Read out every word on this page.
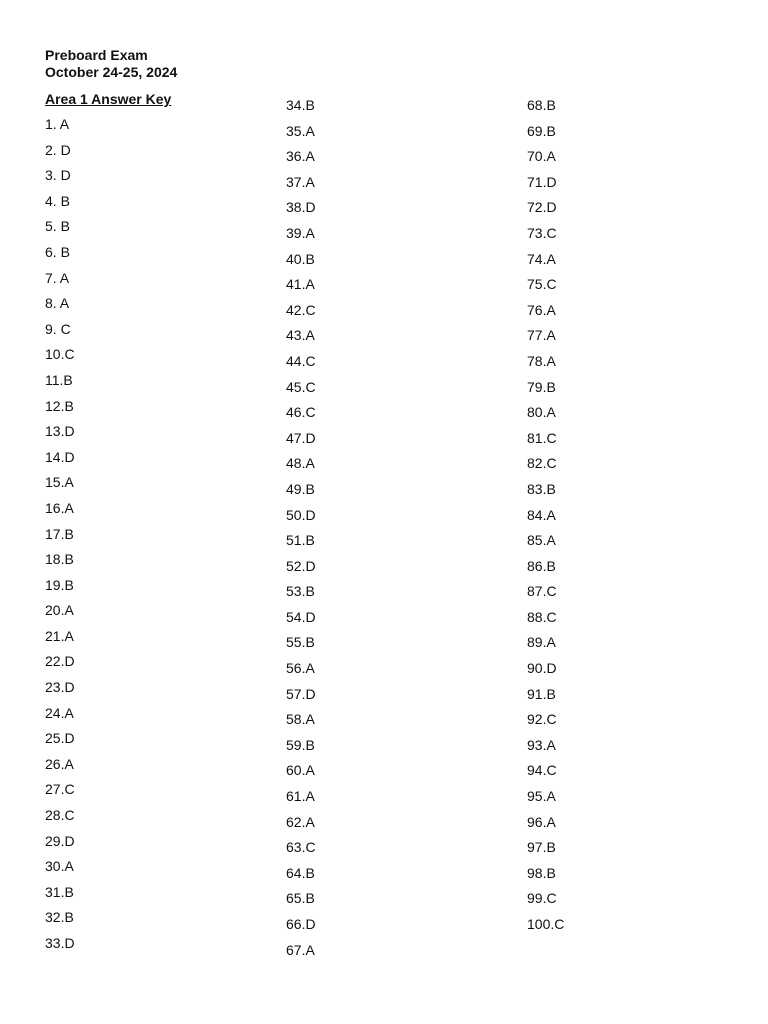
Preboard Exam
October 24-25, 2024
Area 1 Answer Key
1. A
2. D
3. D
4. B
5. B
6. B
7. A
8. A
9. C
10.C
11.B
12.B
13.D
14.D
15.A
16.A
17.B
18.B
19.B
20.A
21.A
22.D
23.D
24.A
25.D
26.A
27.C
28.C
29.D
30.A
31.B
32.B
33.D
34.B
35.A
36.A
37.A
38.D
39.A
40.B
41.A
42.C
43.A
44.C
45.C
46.C
47.D
48.A
49.B
50.D
51.B
52.D
53.B
54.D
55.B
56.A
57.D
58.A
59.B
60.A
61.A
62.A
63.C
64.B
65.B
66.D
67.A
68.B
69.B
70.A
71.D
72.D
73.C
74.A
75.C
76.A
77.A
78.A
79.B
80.A
81.C
82.C
83.B
84.A
85.A
86.B
87.C
88.C
89.A
90.D
91.B
92.C
93.A
94.C
95.A
96.A
97.B
98.B
99.C
100.C
